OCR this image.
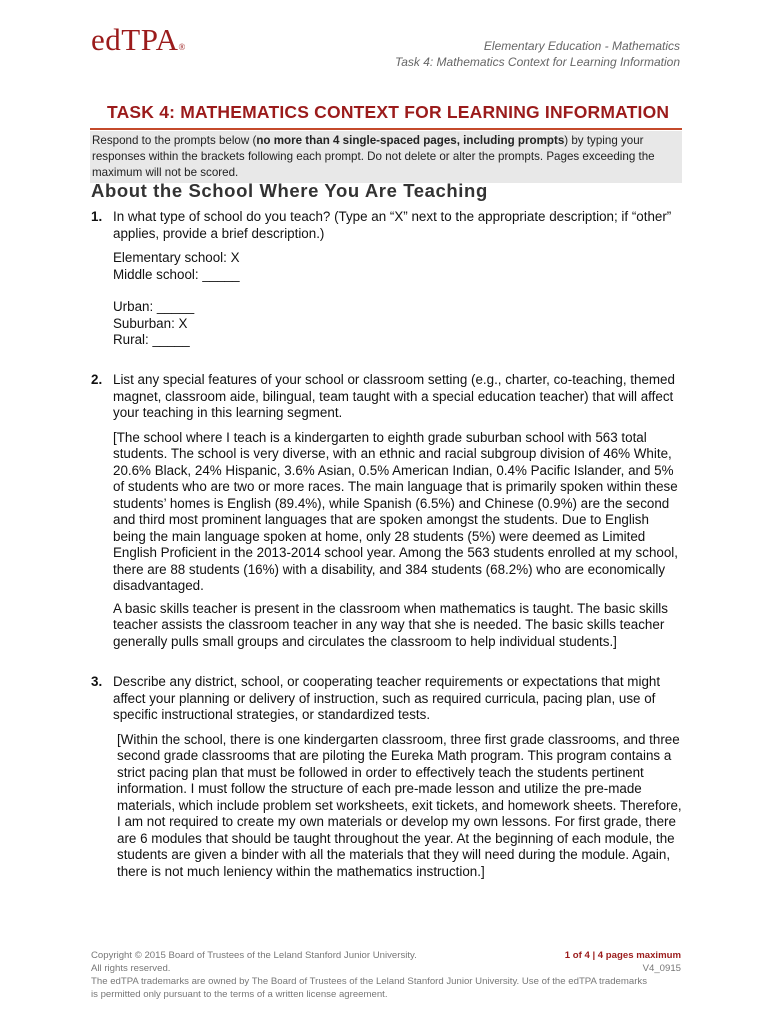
edTPA®	Elementary Education - Mathematics
Task 4: Mathematics Context for Learning Information
TASK 4: MATHEMATICS CONTEXT FOR LEARNING INFORMATION
Respond to the prompts below (no more than 4 single-spaced pages, including prompts) by typing your responses within the brackets following each prompt. Do not delete or alter the prompts. Pages exceeding the maximum will not be scored.
About the School Where You Are Teaching
1. In what type of school do you teach? (Type an “X” next to the appropriate description; if “other” applies, provide a brief description.)

Elementary school: X
Middle school: _____
Urban: _____
Suburban: X
Rural: _____
2. List any special features of your school or classroom setting (e.g., charter, co-teaching, themed magnet, classroom aide, bilingual, team taught with a special education teacher) that will affect your teaching in this learning segment.

[The school where I teach is a kindergarten to eighth grade suburban school with 563 total students. The school is very diverse, with an ethnic and racial subgroup division of 46% White, 20.6% Black, 24% Hispanic, 3.6% Asian, 0.5% American Indian, 0.4% Pacific Islander, and 5% of students who are two or more races. The main language that is primarily spoken within these students’ homes is English (89.4%), while Spanish (6.5%) and Chinese (0.9%) are the second and third most prominent languages that are spoken amongst the students. Due to English being the main language spoken at home, only 28 students (5%) were deemed as Limited English Proficient in the 2013-2014 school year. Among the 563 students enrolled at my school, there are 88 students (16%) with a disability, and 384 students (68.2%) who are economically disadvantaged.

A basic skills teacher is present in the classroom when mathematics is taught. The basic skills teacher assists the classroom teacher in any way that she is needed. The basic skills teacher generally pulls small groups and circulates the classroom to help individual students.]

3. Describe any district, school, or cooperating teacher requirements or expectations that might affect your planning or delivery of instruction, such as required curricula, pacing plan, use of specific instructional strategies, or standardized tests.

[Within the school, there is one kindergarten classroom, three first grade classrooms, and three second grade classrooms that are piloting the Eureka Math program. This program contains a strict pacing plan that must be followed in order to effectively teach the students pertinent information. I must follow the structure of each pre-made lesson and utilize the pre-made materials, which include problem set worksheets, exit tickets, and homework sheets. Therefore, I am not required to create my own materials or develop my own lessons. For first grade, there are 6 modules that should be taught throughout the year. At the beginning of each module, the students are given a binder with all the materials that they will need during the module. Again, there is not much leniency within the mathematics instruction.]

Copyright © 2015 Board of Trustees of the Leland Stanford Junior University.
All rights reserved.
The edTPA trademarks are owned by The Board of Trustees of the Leland Stanford Junior University. Use of the edTPA trademarks is permitted only pursuant to the terms of a written license agreement.
1 of 4 | 4 pages maximum
V4_0915
